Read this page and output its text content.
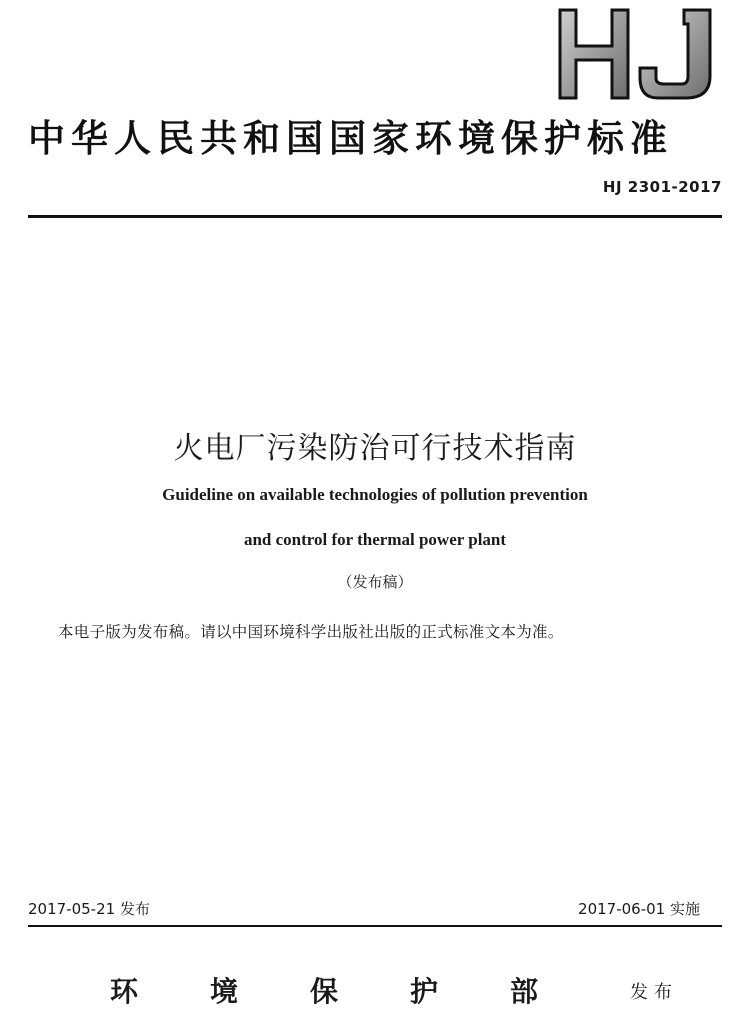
中华人民共和国国家环境保护标准
HJ 2301-2017
火电厂污染防治可行技术指南
Guideline on available technologies of pollution prevention
and control for thermal power plant
（发布稿）
本电子版为发布稿。请以中国环境科学出版社出版的正式标准文本为准。
2017-05-21 发布	2017-06-01 实施
环境保护部 发布
